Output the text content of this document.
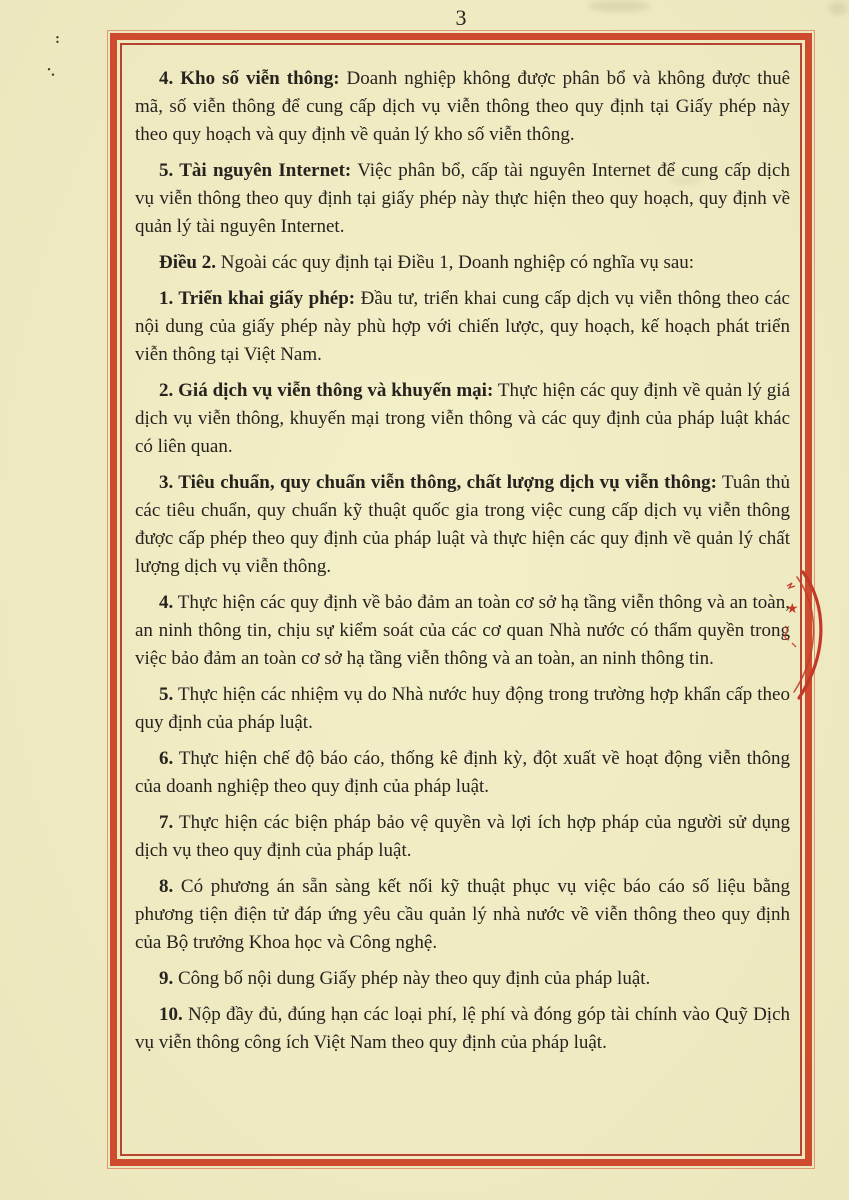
3
:
·.	4. Kho số viễn thông: Doanh nghiệp không được phân bổ và không được thuê mã, số viễn thông để cung cấp dịch vụ viễn thông theo quy định tại Giấy phép này theo quy hoạch và quy định về quản lý kho số viễn thông.

5. Tài nguyên Internet: Việc phân bổ, cấp tài nguyên Internet để cung cấp dịch vụ viễn thông theo quy định tại giấy phép này thực hiện theo quy hoạch, quy định về quản lý tài nguyên Internet.

Điều 2. Ngoài các quy định tại Điều 1, Doanh nghiệp có nghĩa vụ sau:

1. Triển khai giấy phép: Đầu tư, triển khai cung cấp dịch vụ viễn thông theo các nội dung của giấy phép này phù hợp với chiến lược, quy hoạch, kế hoạch phát triển viễn thông tại Việt Nam.

2. Giá dịch vụ viễn thông và khuyến mại: Thực hiện các quy định về quản lý giá dịch vụ viễn thông, khuyến mại trong viễn thông và các quy định của pháp luật khác có liên quan.

3. Tiêu chuẩn, quy chuẩn viễn thông, chất lượng dịch vụ viễn thông: Tuân thủ các tiêu chuẩn, quy chuẩn kỹ thuật quốc gia trong việc cung cấp dịch vụ viễn thông được cấp phép theo quy định của pháp luật và thực hiện các quy định về quản lý chất lượng dịch vụ viễn thông.

4. Thực hiện các quy định về bảo đảm an toàn cơ sở hạ tầng viễn thông và an toàn, an ninh thông tin, chịu sự kiểm soát của các cơ quan Nhà nước có thẩm quyền trong việc bảo đảm an toàn cơ sở hạ tầng viễn thông và an toàn, an ninh thông tin.

5. Thực hiện các nhiệm vụ do Nhà nước huy động trong trường hợp khẩn cấp theo quy định của pháp luật.

6. Thực hiện chế độ báo cáo, thống kê định kỳ, đột xuất về hoạt động viễn thông của doanh nghiệp theo quy định của pháp luật.

7. Thực hiện các biện pháp bảo vệ quyền và lợi ích hợp pháp của người sử dụng dịch vụ theo quy định của pháp luật.

8. Có phương án sẵn sàng kết nối kỹ thuật phục vụ việc báo cáo số liệu bằng phương tiện điện tử đáp ứng yêu cầu quản lý nhà nước về viễn thông theo quy định của Bộ trưởng Khoa học và Công nghệ.

9. Công bố nội dung Giấy phép này theo quy định của pháp luật.

10. Nộp đầy đủ, đúng hạn các loại phí, lệ phí và đóng góp tài chính vào Quỹ Dịch vụ viễn thông công ích Việt Nam theo quy định của pháp luật.

★
